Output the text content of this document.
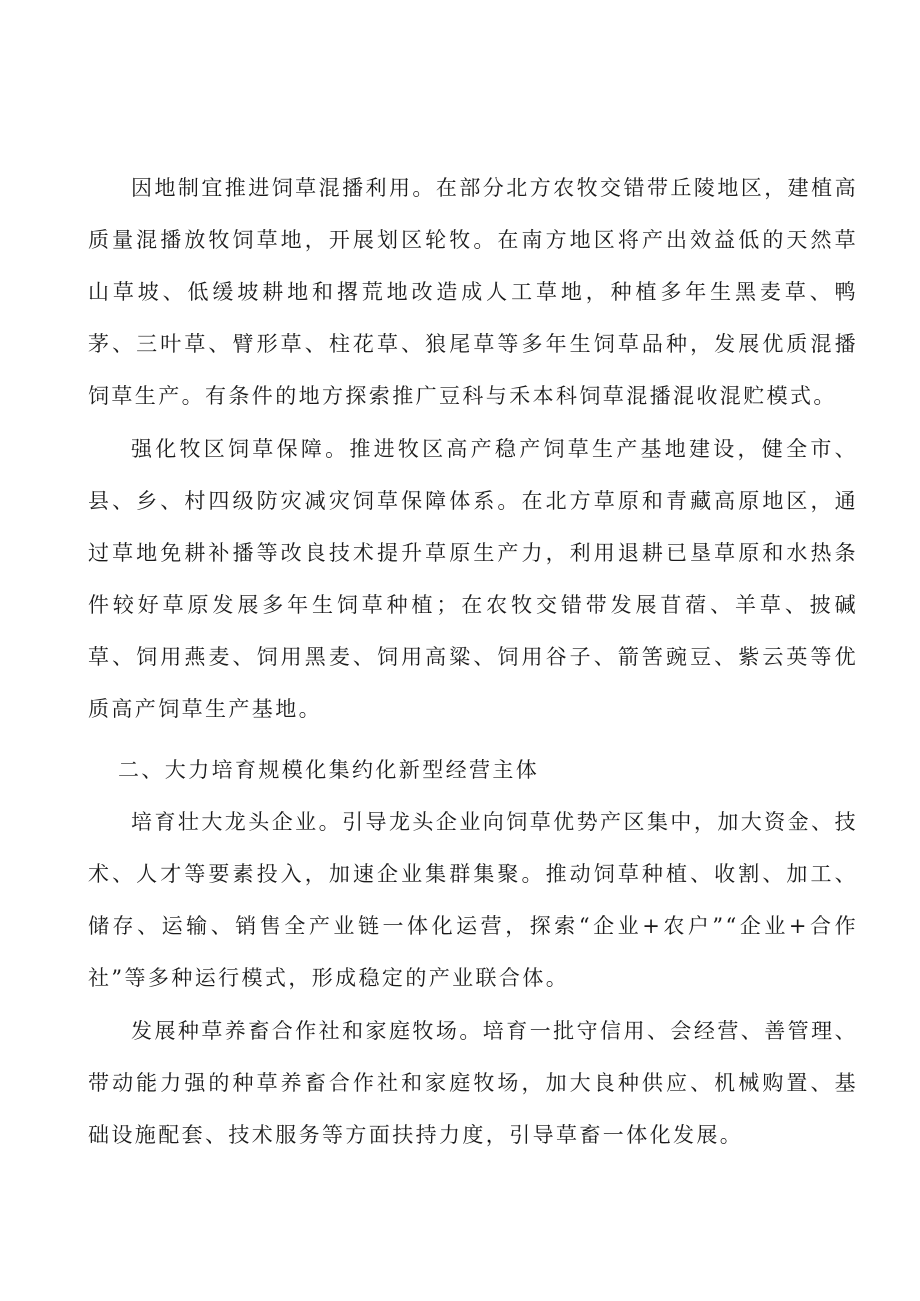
因地制宜推进饲草混播利用。在部分北方农牧交错带丘陵地区，建植高质量混播放牧饲草地，开展划区轮牧。在南方地区将产出效益低的天然草山草坡、低缓坡耕地和撂荒地改造成人工草地，种植多年生黑麦草、鸭茅、三叶草、臂形草、柱花草、狼尾草等多年生饲草品种，发展优质混播饲草生产。有条件的地方探索推广豆科与禾本科饲草混播混收混贮模式。

强化牧区饲草保障。推进牧区高产稳产饲草生产基地建设，健全市、县、乡、村四级防灾减灾饲草保障体系。在北方草原和青藏高原地区，通过草地免耕补播等改良技术提升草原生产力，利用退耕已垦草原和水热条件较好草原发展多年生饲草种植；在农牧交错带发展苜蓿、羊草、披碱草、饲用燕麦、饲用黑麦、饲用高粱、饲用谷子、箭筈豌豆、紫云英等优质高产饲草生产基地。

二、大力培育规模化集约化新型经营主体

培育壮大龙头企业。引导龙头企业向饲草优势产区集中，加大资金、技术、人才等要素投入，加速企业集群集聚。推动饲草种植、收割、加工、储存、运输、销售全产业链一体化运营，探索“企业+农户”“企业+合作社”等多种运行模式，形成稳定的产业联合体。

发展种草养畜合作社和家庭牧场。培育一批守信用、会经营、善管理、带动能力强的种草养畜合作社和家庭牧场，加大良种供应、机械购置、基础设施配套、技术服务等方面扶持力度，引导草畜一体化发展。
